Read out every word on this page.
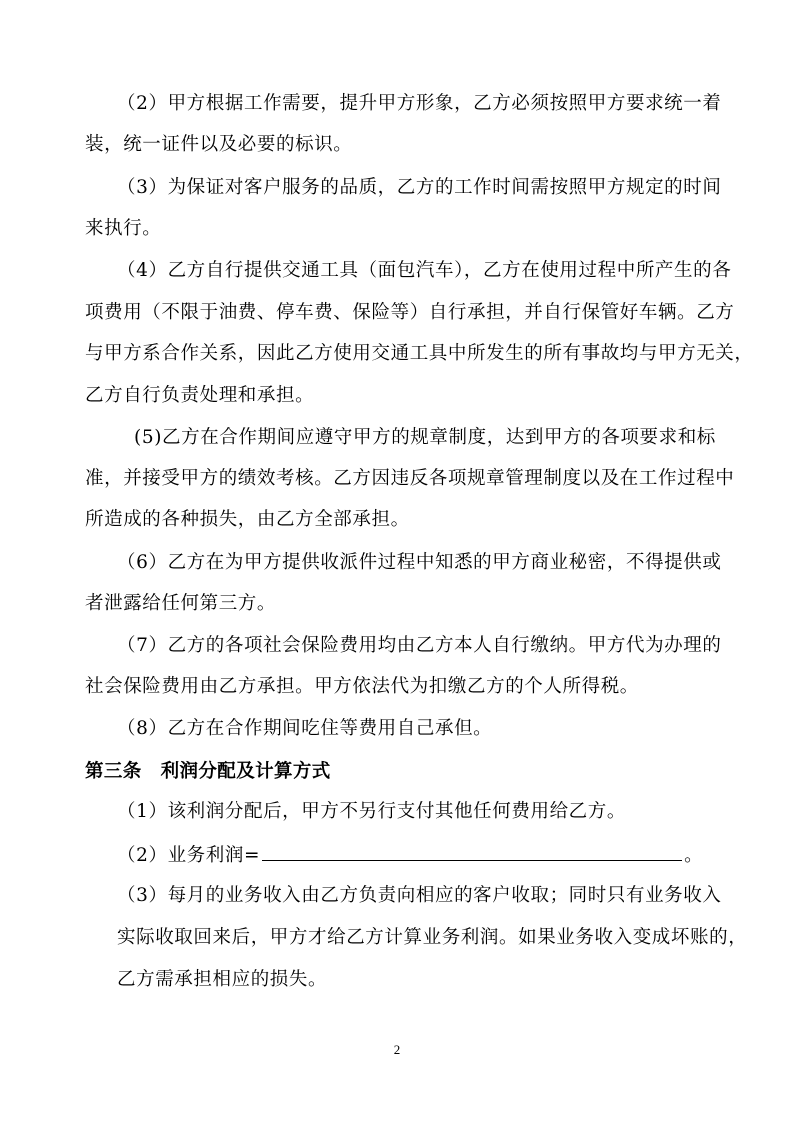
（2）甲方根据工作需要，提升甲方形象，乙方必须按照甲方要求统一着
装，统一证件以及必要的标识。
（3）为保证对客户服务的品质，乙方的工作时间需按照甲方规定的时间
来执行。
（4）乙方自行提供交通工具（面包汽车），乙方在使用过程中所产生的各
项费用（不限于油费、停车费、保险等）自行承担，并自行保管好车辆。乙方
与甲方系合作关系，因此乙方使用交通工具中所发生的所有事故均与甲方无关，
乙方自行负责处理和承担。
(5)乙方在合作期间应遵守甲方的规章制度，达到甲方的各项要求和标
准，并接受甲方的绩效考核。乙方因违反各项规章管理制度以及在工作过程中
所造成的各种损失，由乙方全部承担。
（6）乙方在为甲方提供收派件过程中知悉的甲方商业秘密，不得提供或
者泄露给任何第三方。
（7）乙方的各项社会保险费用均由乙方本人自行缴纳。甲方代为办理的
社会保险费用由乙方承担。甲方依法代为扣缴乙方的个人所得税。
（8）乙方在合作期间吃住等费用自己承但。
第三条　利润分配及计算方式
（1）该利润分配后，甲方不另行支付其他任何费用给乙方。
（2）业务利润=	。
（3）每月的业务收入由乙方负责向相应的客户收取；同时只有业务收入
实际收取回来后，甲方才给乙方计算业务利润。如果业务收入变成坏账的，
乙方需承担相应的损失。
2
